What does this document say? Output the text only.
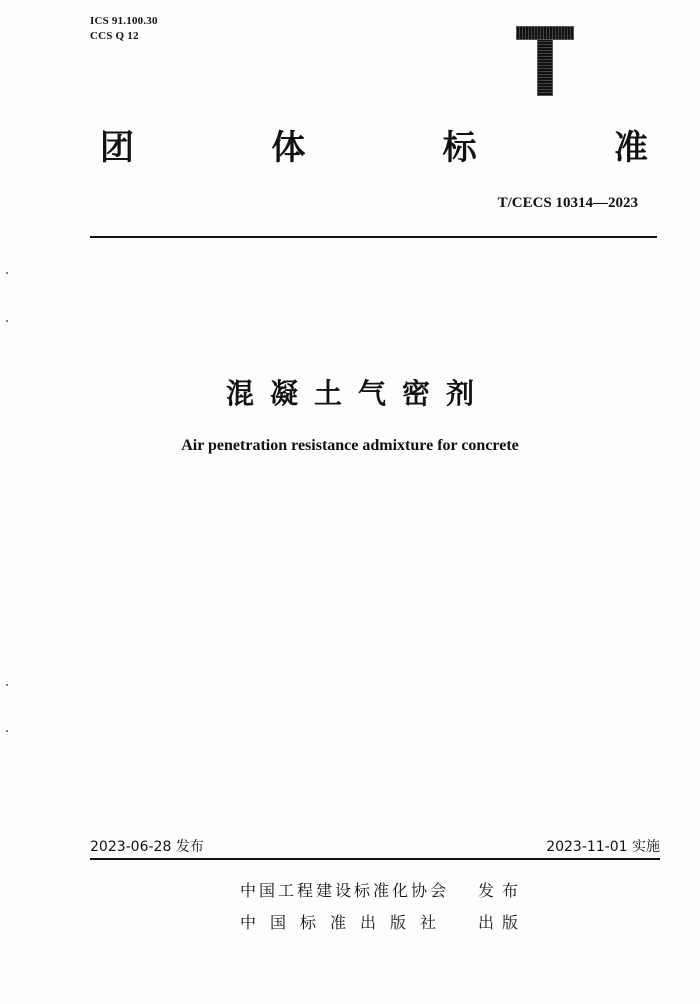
ICS 91.100.30
CCS Q 12
团	体	标	准
T/CECS 10314—2023
混凝土气密剂
Air penetration resistance admixture for concrete
2023-06-28 发布	2023-11-01 实施
中国工程建设标准化协会 发布
中国标准出版社 出版
